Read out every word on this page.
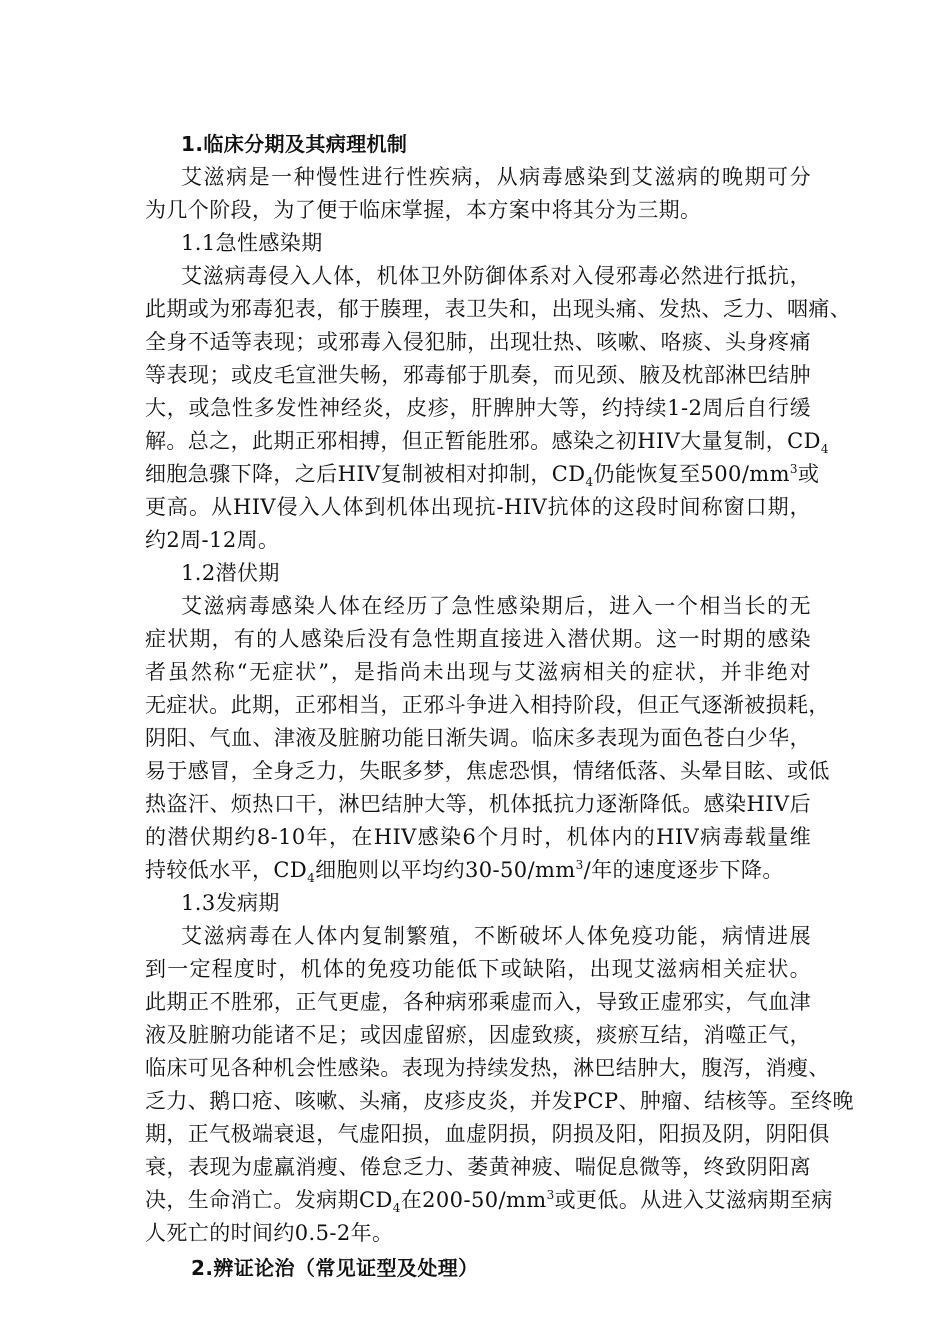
1.临床分期及其病理机制
艾滋病是一种慢性进行性疾病，从病毒感染到艾滋病的晚期可分
为几个阶段，为了便于临床掌握，本方案中将其分为三期。
1.1急性感染期
艾滋病毒侵入人体，机体卫外防御体系对入侵邪毒必然进行抵抗，
此期或为邪毒犯表，郁于腠理，表卫失和，出现头痛、发热、乏力、咽痛、
全身不适等表现；或邪毒入侵犯肺，出现壮热、咳嗽、咯痰、头身疼痛
等表现；或皮毛宣泄失畅，邪毒郁于肌奏，而见颈、腋及枕部淋巴结肿
大，或急性多发性神经炎，皮疹，肝脾肿大等，约持续1-2周后自行缓
解。总之，此期正邪相搏，但正暂能胜邪。感染之初HIV大量复制，$CD_4$
细胞急骤下降，之后HIV复制被相对抑制，$CD_4$仍能恢复至$500/mm^3$或
更高。从HIV侵入人体到机体出现抗-HIV抗体的这段时间称窗口期，
约2周-12周。
1.2潜伏期
艾滋病毒感染人体在经历了急性感染期后，进入一个相当长的无
症状期，有的人感染后没有急性期直接进入潜伏期。这一时期的感染
者虽然称“无症状”，是指尚未出现与艾滋病相关的症状，并非绝对
无症状。此期，正邪相当，正邪斗争进入相持阶段，但正气逐渐被损耗，
阴阳、气血、津液及脏腑功能日渐失调。临床多表现为面色苍白少华，
易于感冒，全身乏力，失眠多梦，焦虑恐惧，情绪低落、头晕目眩、或低
热盗汗、烦热口干，淋巴结肿大等，机体抵抗力逐渐降低。感染HIV后
的潜伏期约8-10年，在HIV感染6个月时，机体内的HIV病毒载量维
持较低水平，$CD_4$细胞则以平均约$30-50/mm^3/$年的速度逐步下降。
1.3发病期
艾滋病毒在人体内复制繁殖，不断破坏人体免疫功能，病情进展
到一定程度时，机体的免疫功能低下或缺陷，出现艾滋病相关症状。
此期正不胜邪，正气更虚，各种病邪乘虚而入，导致正虚邪实，气血津
液及脏腑功能诸不足；或因虚留瘀，因虚致痰，痰瘀互结，消噬正气，
临床可见各种机会性感染。表现为持续发热，淋巴结肿大，腹泻，消瘦、
乏力、鹅口疮、咳嗽、头痛，皮疹皮炎，并发PCP、肿瘤、结核等。至终晚
期，正气极端衰退，气虚阳损，血虚阴损，阴损及阳，阳损及阴，阴阳俱
衰，表现为虚羸消瘦、倦怠乏力、萎黄神疲、喘促息微等，终致阴阳离
决，生命消亡。发病期$CD_4$在$200-50/mm^3$或更低。从进入艾滋病期至病
人死亡的时间约0.5-2年。
2.辨证论治（常见证型及处理）
